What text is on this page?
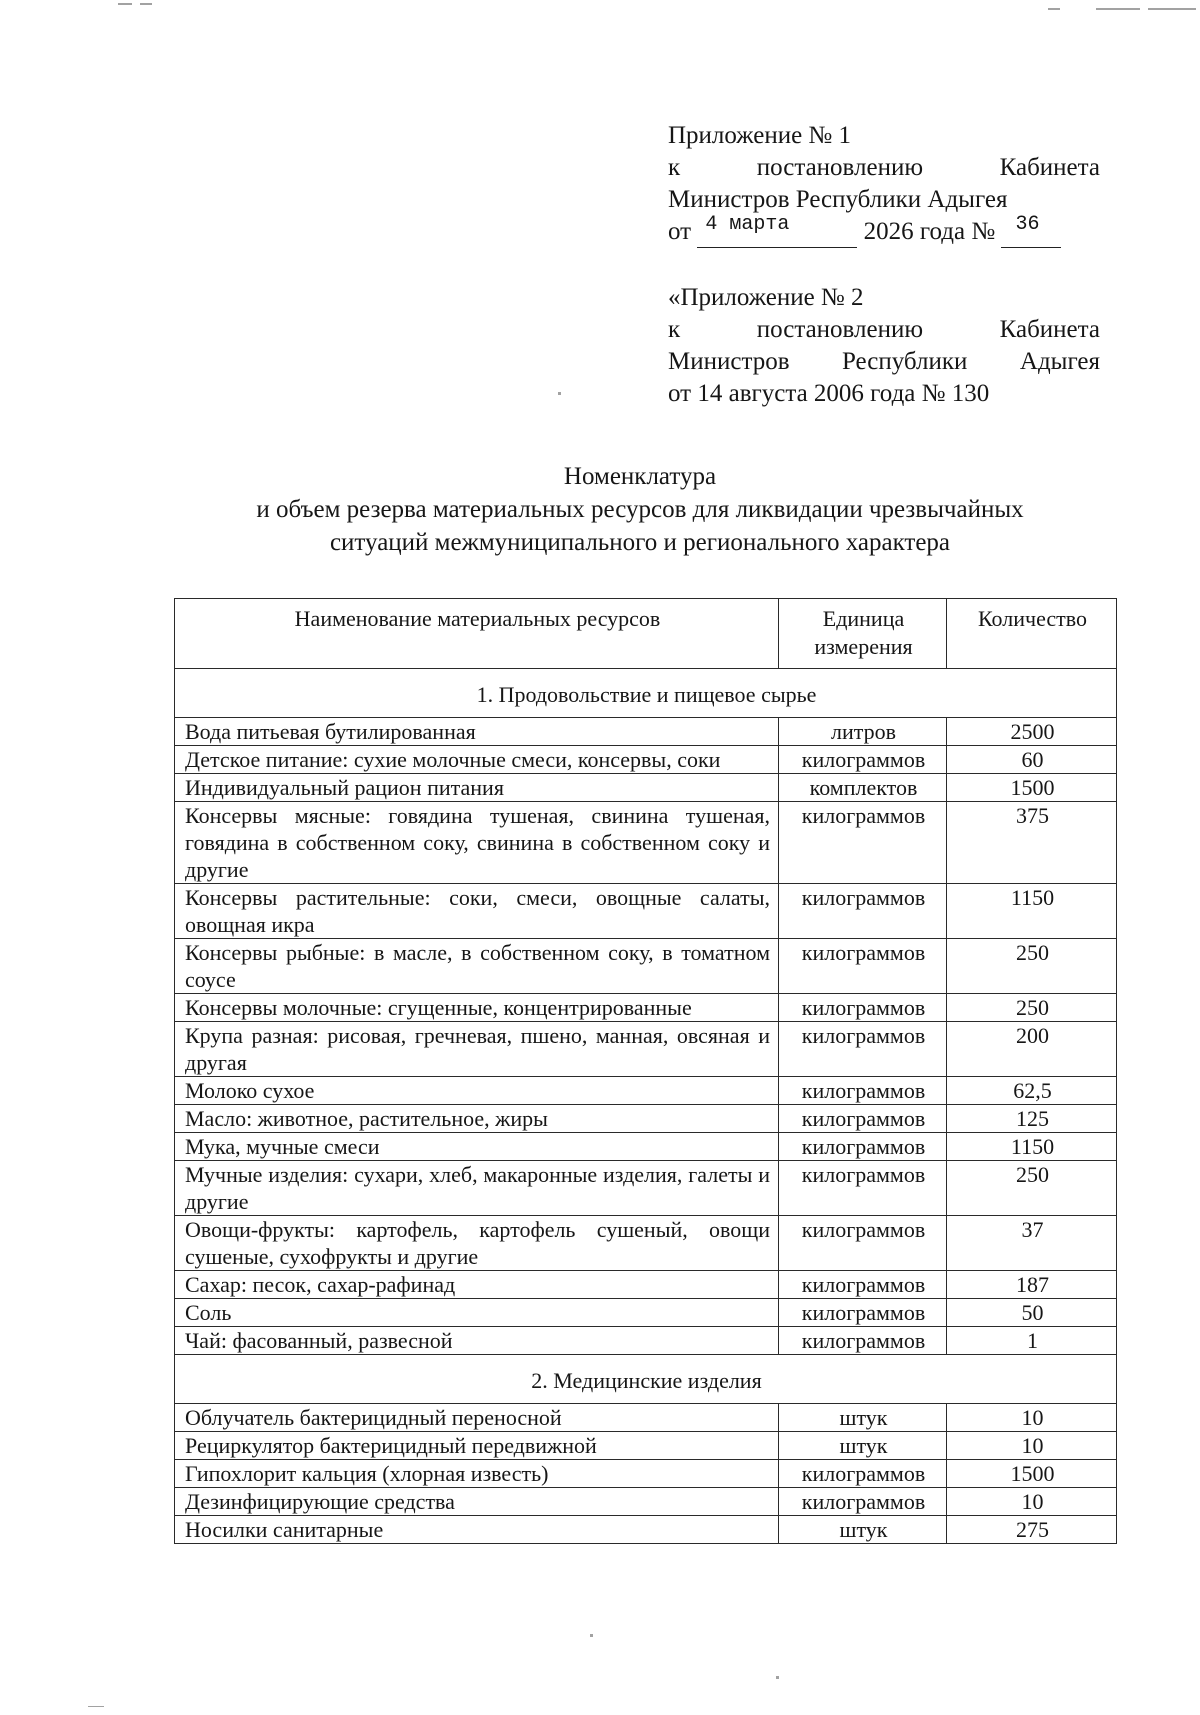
Приложение № 1
к	постановлению	Кабинета
Министров Республики Адыгея
от 4 марта	2026 года № 36
«Приложение № 2
к	постановлению	Кабинета
Министров Республики Адыгея
от 14 августа 2006 года № 130
Номенклатура
и объем резерва материальных ресурсов для ликвидации чрезвычайных
ситуаций межмуниципального и регионального характера
Наименование материальных ресурсов	Единица измерения	Количество
1. Продовольствие и пищевое сырье		
Вода питьевая бутилированная	литров	2500
Детское питание: сухие молочные смеси, консервы, соки	килограммов	60
Индивидуальный рацион питания	комплектов	1500
Консервы мясные: говядина тушеная, свинина тушеная, говядина в собственном соку, свинина в собственном соку и другие	килограммов	375
Консервы растительные: соки, смеси, овощные салаты, овощная икра	килограммов	1150
Консервы рыбные: в масле, в собственном соку, в томатном соусе	килограммов	250
Консервы молочные: сгущенные, концентрированные	килограммов	250
Крупа разная: рисовая, гречневая, пшено, манная, овсяная и другая	килограммов	200
Молоко сухое	килограммов	62,5
Масло: животное, растительное, жиры	килограммов	125
Мука, мучные смеси	килограммов	1150
Мучные изделия: сухари, хлеб, макаронные изделия, галеты и другие	килограммов	250
Овощи-фрукты: картофель, картофель сушеный, овощи сушеные, сухофрукты и другие	килограммов	37
Сахар: песок, сахар-рафинад	килограммов	187
Соль	килограммов	50
Чай: фасованный, развесной	килограммов	1
2. Медицинские изделия		
Облучатель бактерицидный переносной	штук	10
Рециркулятор бактерицидный передвижной	штук	10
Гипохлорит кальция (хлорная известь)	килограммов	1500
Дезинфицирующие средства	килограммов	10
Носилки санитарные	штук	275
